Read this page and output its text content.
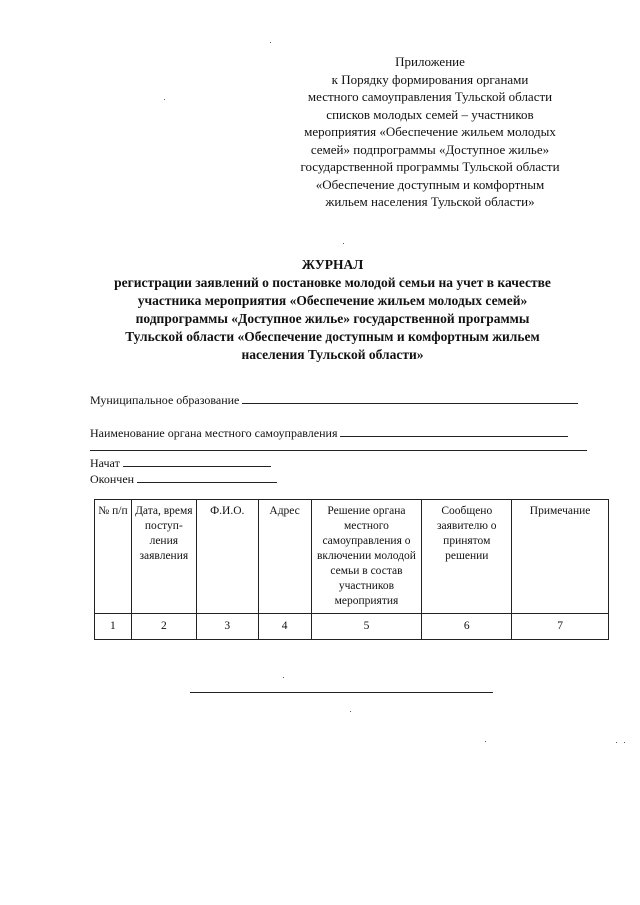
Приложение
к Порядку формирования органами
местного самоуправления Тульской области
списков молодых семей – участников
мероприятия «Обеспечение жильем молодых
семей» подпрограммы «Доступное жилье»
государственной программы Тульской области
«Обеспечение доступным и комфортным
жильем населения Тульской области»
ЖУРНАЛ
регистрации заявлений о постановке молодой семьи на учет в качестве
участника мероприятия «Обеспечение жильем молодых семей»
подпрограммы «Доступное жилье» государственной программы
Тульской области «Обеспечение доступным и комфортным жильем
населения Тульской области»
Муниципальное образование
Наименование органа местного самоуправления
Начат
Окончен
№ п/п	Дата, время поступ- ления заявления	Ф.И.О.	Адрес	Решение органа местного самоуправления о включении молодой семьи в состав участников мероприятия	Сообщено заявителю о принятом решении	Примечание
1	2	3	4	5	6	7
